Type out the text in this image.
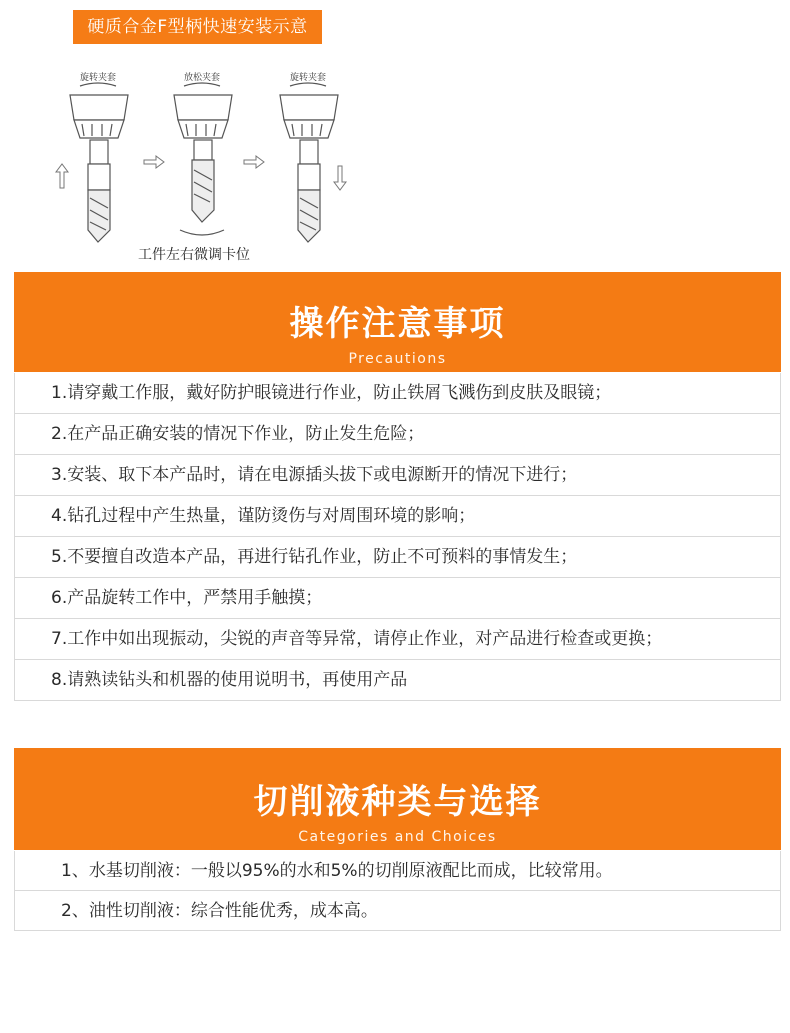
硬质合金F型柄快速安装示意
旋转夹套	放松夹套	旋转夹套
工件左右微调卡位
操作注意事项
Precautions
1.请穿戴工作服，戴好防护眼镜进行作业，防止铁屑飞溅伤到皮肤及眼镜；
2.在产品正确安装的情况下作业，防止发生危险；
3.安装、取下本产品时，请在电源插头拔下或电源断开的情况下进行；
4.钻孔过程中产生热量，谨防烫伤与对周围环境的影响；
5.不要擅自改造本产品，再进行钻孔作业，防止不可预料的事情发生；
6.产品旋转工作中，严禁用手触摸；
7.工作中如出现振动，尖锐的声音等异常，请停止作业，对产品进行检查或更换；
8.请熟读钻头和机器的使用说明书，再使用产品
切削液种类与选择
Categories and Choices
1、水基切削液：一般以95%的水和5%的切削原液配比而成，比较常用。
2、油性切削液：综合性能优秀，成本高。
